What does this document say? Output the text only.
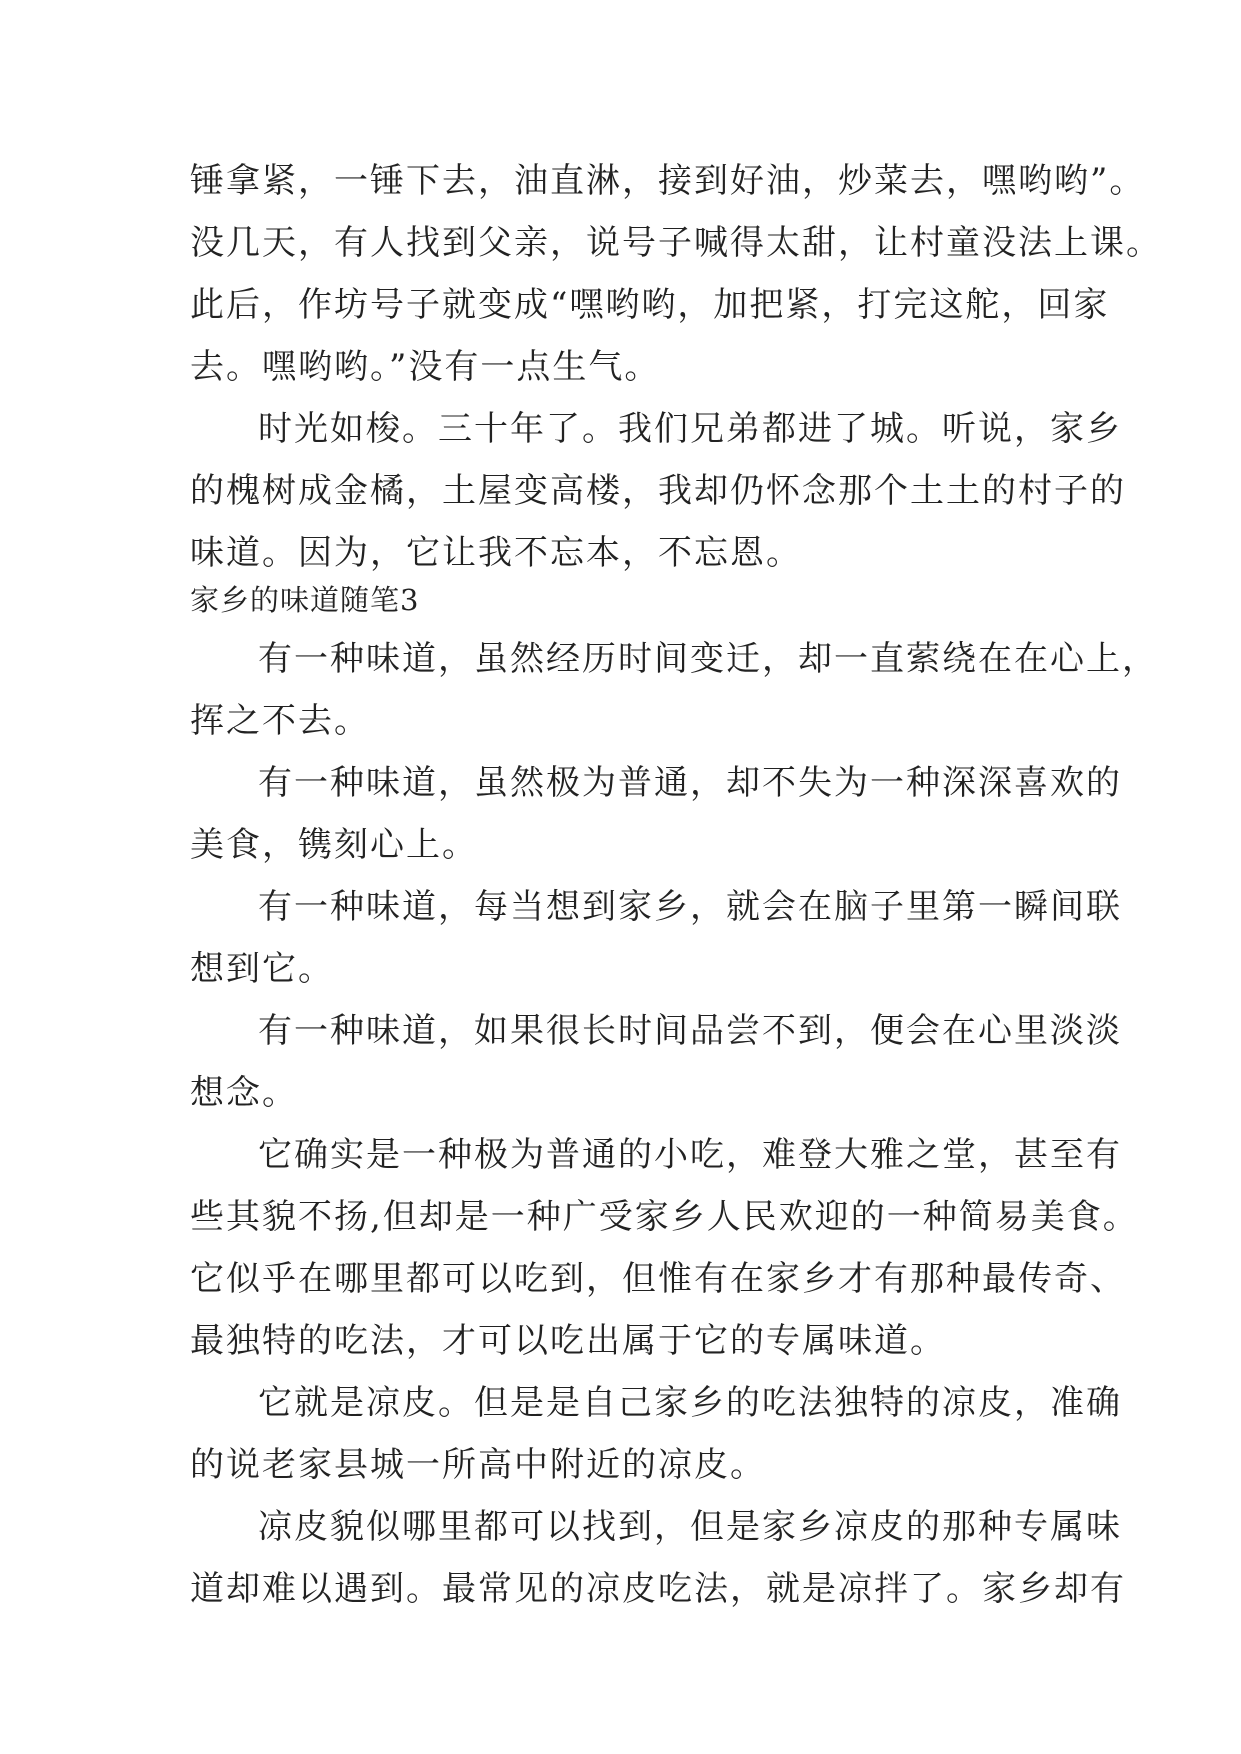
锤拿紧，一锤下去，油直淋，接到好油，炒菜去，嘿哟哟”。
没几天，有人找到父亲，说号子喊得太甜，让村童没法上课。
此后，作坊号子就变成“嘿哟哟，加把紧，打完这舵，回家
去。嘿哟哟。”没有一点生气。
时光如梭。三十年了。我们兄弟都进了城。听说，家乡
的槐树成金橘，土屋变高楼，我却仍怀念那个土土的村子的
味道。因为，它让我不忘本，不忘恩。
家乡的味道随笔3
有一种味道，虽然经历时间变迁，却一直萦绕在在心上，
挥之不去。
有一种味道，虽然极为普通，却不失为一种深深喜欢的
美食，镌刻心上。
有一种味道，每当想到家乡，就会在脑子里第一瞬间联
想到它。
有一种味道，如果很长时间品尝不到，便会在心里淡淡
想念。
它确实是一种极为普通的小吃，难登大雅之堂，甚至有
些其貌不扬,但却是一种广受家乡人民欢迎的一种简易美食。
它似乎在哪里都可以吃到，但惟有在家乡才有那种最传奇、
最独特的吃法，才可以吃出属于它的专属味道。
它就是凉皮。但是是自己家乡的吃法独特的凉皮，准确
的说老家县城一所高中附近的凉皮。
凉皮貌似哪里都可以找到，但是家乡凉皮的那种专属味
道却难以遇到。最常见的凉皮吃法，就是凉拌了。家乡却有
